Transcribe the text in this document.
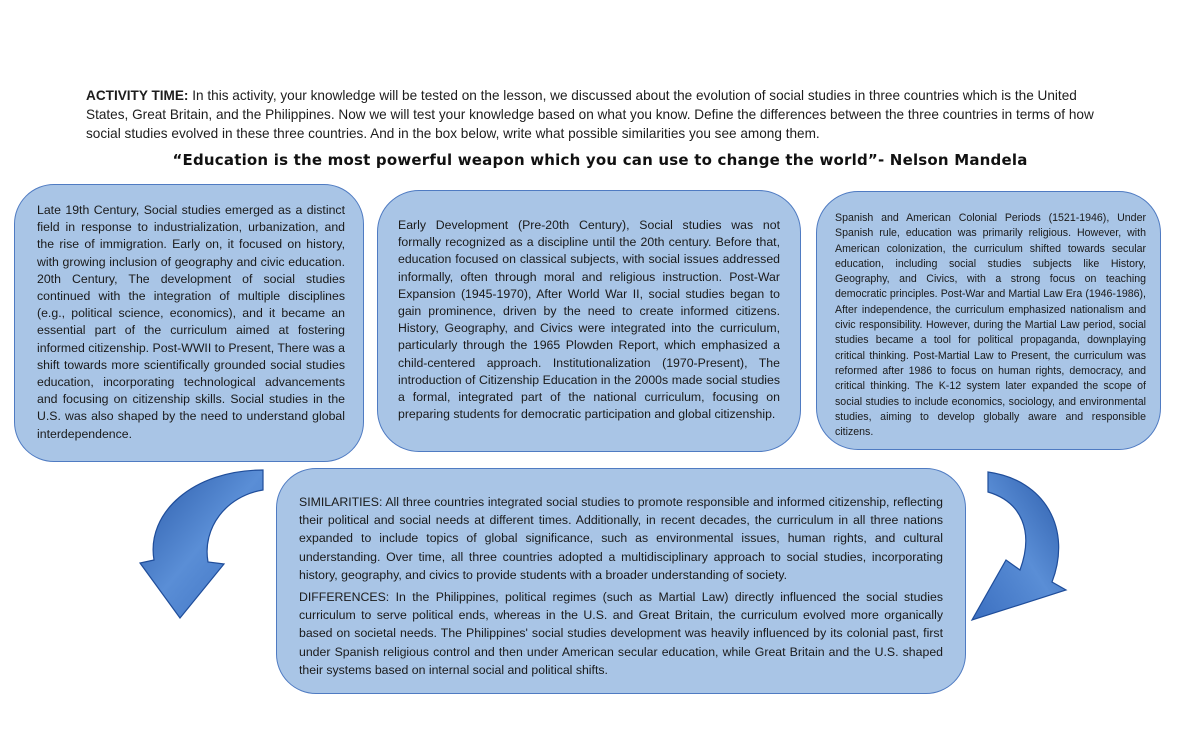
ACTIVITY TIME: In this activity, your knowledge will be tested on the lesson, we discussed about the evolution of social studies in three countries which is the United States, Great Britain, and the Philippines. Now we will test your knowledge based on what you know. Define the differences between the three countries in terms of how social studies evolved in these three countries. And in the box below, write what possible similarities you see among them.
“Education is the most powerful weapon which you can use to change the world”- Nelson Mandela
Late 19th Century, Social studies emerged as a distinct field in response to industrialization, urbanization, and the rise of immigration. Early on, it focused on history, with growing inclusion of geography and civic education. 20th Century, The development of social studies continued with the integration of multiple disciplines (e.g., political science, economics), and it became an essential part of the curriculum aimed at fostering informed citizenship. Post-WWII to Present, There was a shift towards more scientifically grounded social studies education, incorporating technological advancements and focusing on citizenship skills. Social studies in the U.S. was also shaped by the need to understand global interdependence.
Early Development (Pre-20th Century), Social studies was not formally recognized as a discipline until the 20th century. Before that, education focused on classical subjects, with social issues addressed informally, often through moral and religious instruction. Post-War Expansion (1945-1970), After World War II, social studies began to gain prominence, driven by the need to create informed citizens. History, Geography, and Civics were integrated into the curriculum, particularly through the 1965 Plowden Report, which emphasized a child-centered approach. Institutionalization (1970-Present), The introduction of Citizenship Education in the 2000s made social studies a formal, integrated part of the national curriculum, focusing on preparing students for democratic participation and global citizenship.
Spanish and American Colonial Periods (1521-1946), Under Spanish rule, education was primarily religious. However, with American colonization, the curriculum shifted towards secular education, including social studies subjects like History, Geography, and Civics, with a strong focus on teaching democratic principles. Post-War and Martial Law Era (1946-1986), After independence, the curriculum emphasized nationalism and civic responsibility. However, during the Martial Law period, social studies became a tool for political propaganda, downplaying critical thinking. Post-Martial Law to Present, the curriculum was reformed after 1986 to focus on human rights, democracy, and critical thinking. The K-12 system later expanded the scope of social studies to include economics, sociology, and environmental studies, aiming to develop globally aware and responsible citizens.

SIMILARITIES: All three countries integrated social studies to promote responsible and informed citizenship, reflecting their political and social needs at different times. Additionally, in recent decades, the curriculum in all three nations expanded to include topics of global significance, such as environmental issues, human rights, and cultural understanding. Over time, all three countries adopted a multidisciplinary approach to social studies, incorporating history, geography, and civics to provide students with a broader understanding of society.

DIFFERENCES: In the Philippines, political regimes (such as Martial Law) directly influenced the social studies curriculum to serve political ends, whereas in the U.S. and Great Britain, the curriculum evolved more organically based on societal needs. The Philippines' social studies development was heavily influenced by its colonial past, first under Spanish religious control and then under American secular education, while Great Britain and the U.S. shaped their systems based on internal social and political shifts.
